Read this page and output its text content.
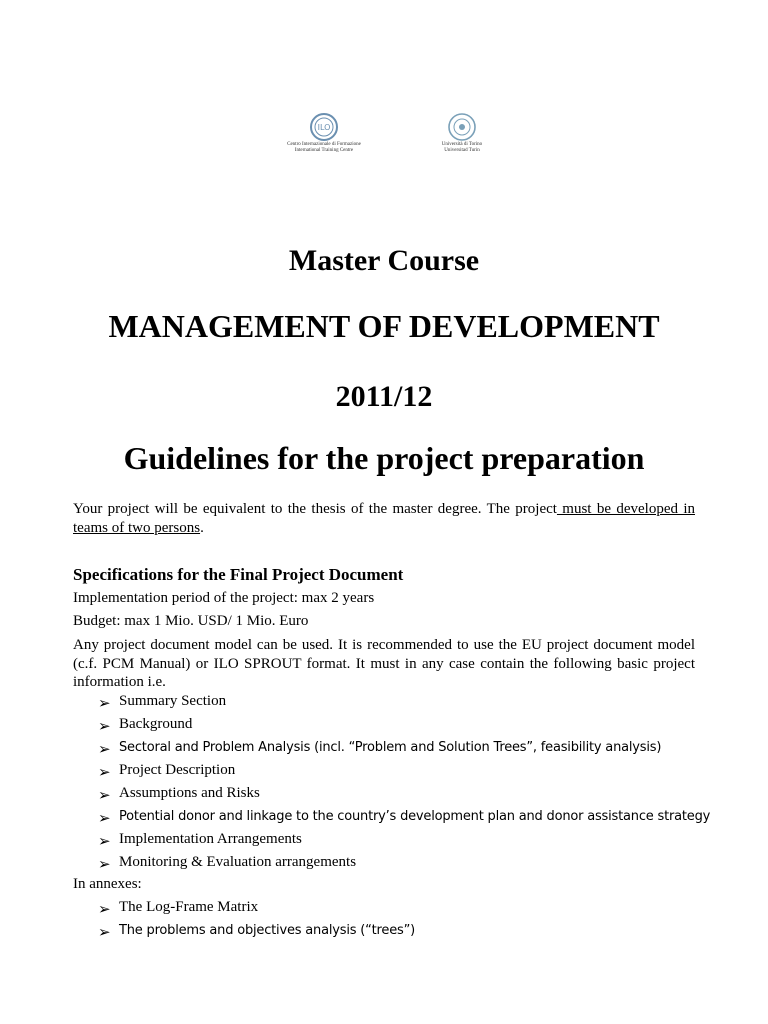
ILO
Centro Internazionale di Formazione
International Training Centre
Università di Torino
Universitad Turin
Master Course
MANAGEMENT OF DEVELOPMENT
2011/12
Guidelines for the project preparation
Your project will be equivalent to the thesis of the master degree. The project must be developed in teams of two persons.
Specifications for the Final Project Document
Implementation period of the project: max 2 years
Budget: max 1 Mio. USD/ 1 Mio. Euro
Any project document model can be used. It is recommended to use the EU project document model (c.f. PCM Manual) or ILO SPROUT format. It must in any case contain the following basic project information i.e.
➢ Summary Section
➢ Background
➢ Sectoral and Problem Analysis (incl. “Problem and Solution Trees”, feasibility analysis)
➢ Project Description
➢ Assumptions and Risks
➢ Potential donor and linkage to the country’s development plan and donor assistance strategy
➢ Implementation Arrangements
➢ Monitoring & Evaluation arrangements
In annexes:
➢ The Log-Frame Matrix
➢ The problems and objectives analysis (“trees”)
